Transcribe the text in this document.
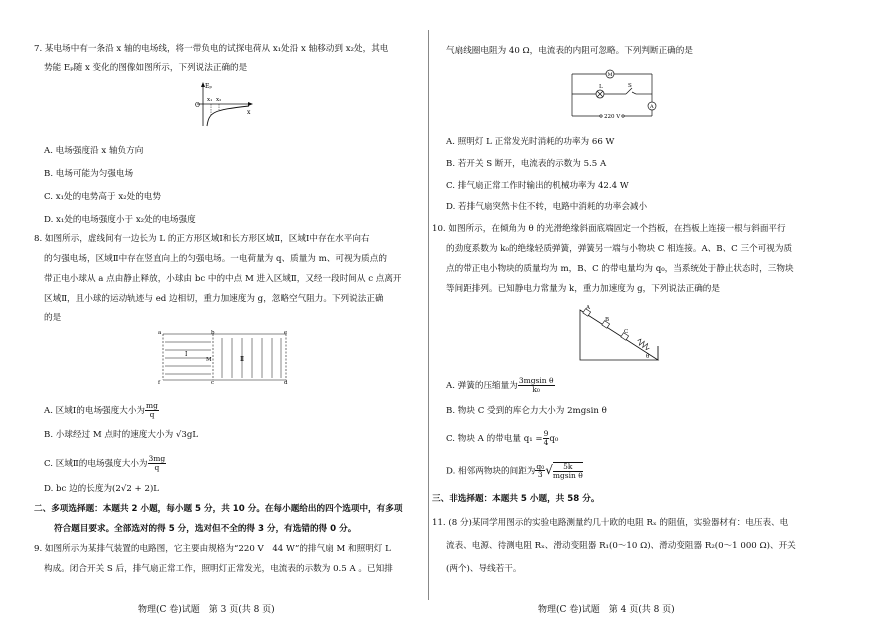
7. 某电场中有一条沿 x 轴的电场线，将一带负电的试探电荷从 x₁处沿 x 轴移动到 x₂处，其电
势能 Eₚ随 x 变化的图像如图所示，下列说法正确的是
Eₚ
O
x₁ x₂
x
A. 电场强度沿 x 轴负方向
B. 电场可能为匀强电场
C. x₁处的电势高于 x₂处的电势
D. x₁处的电场强度小于 x₂处的电场强度
8. 如图所示，虚线间有一边长为 L 的正方形区域Ⅰ和长方形区域Ⅱ，区域Ⅰ中存在水平向右
的匀强电场，区域Ⅱ中存在竖直向上的匀强电场。一电荷量为 q、质量为 m、可视为质点的
带正电小球从 a 点由静止释放，小球由 bc 中的中点 M 进入区域Ⅱ，又经一段时间从 c 点离开
区域Ⅱ，且小球的运动轨迹与 ed 边相切，重力加速度为 g，忽略空气阻力。下列说法正确
的是
a	b	e
f	c	d
M
Ⅰ
Ⅱ
A. 区域Ⅰ的电场强度大小为 $\frac{mg}{q}$
B. 小球经过 M 点时的速度大小为 √3gL
C. 区域Ⅱ的电场强度大小为 $\frac{3mg}{q}$
D. bc 边的长度为(2√2 + 2)L
二、多项选择题：本题共 2 小题，每小题 5 分，共 10 分。在每小题给出的四个选项中，有多项
符合题目要求。全部选对的得 5 分，选对但不全的得 3 分，有选错的得 0 分。
9. 如图所示为某排气装置的电路图，它主要由规格为“220 V　44 W”的排气扇 M 和照明灯 L
构成。闭合开关 S 后，排气扇正常工作，照明灯正常发光，电流表的示数为 0.5 A 。已知排
物理(C 卷)试题　第 3 页(共 8 页)
气扇线圈电阻为 40 Ω，电流表的内阻可忽略。下列判断正确的是
M
L	S
A
220 V
A. 照明灯 L 正常发光时消耗的功率为 66 W
B. 若开关 S 断开，电流表的示数为 5.5 A
C. 排气扇正常工作时输出的机械功率为 42.4 W
D. 若排气扇突然卡住不转，电路中消耗的功率会减小
10. 如图所示，在倾角为 θ 的光滑绝缘斜面底端固定一个挡板，在挡板上连接一根与斜面平行
的劲度系数为 k₀的绝缘轻质弹簧，弹簧另一端与小物块 C 相连接。A、B、C 三个可视为质
点的带正电小物块的质量均为 m，B、C 的带电量均为 q₀，当系统处于静止状态时，三物块
等间距排列。已知静电力常量为 k，重力加速度为 g，下列说法正确的是
A
B
C
θ
A. 弹簧的压缩量为 $\frac{\text{3mgsin θ}}{\text{k₀}}$
B. 物块 C 受到的库仑力大小为 2mgsin θ
C. 物块 A 的带电量 $q_1 = \frac{9}{4} q_0$
D. 相邻两物块的间距为 $\frac{\text{q₀}}{3}$ √ $\frac{5k}{\text{mgsin θ}}$
三、非选择题：本题共 5 小题，共 58 分。
11. (8 分)某同学用图示的实验电路测量约几十欧的电阻 Rₓ 的阻值，实验器材有：电压表、电
流表、电源、待测电阻 Rₓ、滑动变阻器 R₁(0～10 Ω)、滑动变阻器 R₂(0～1 000 Ω)、开关
(两个)、导线若干。
物理(C 卷)试题　第 4 页(共 8 页)
